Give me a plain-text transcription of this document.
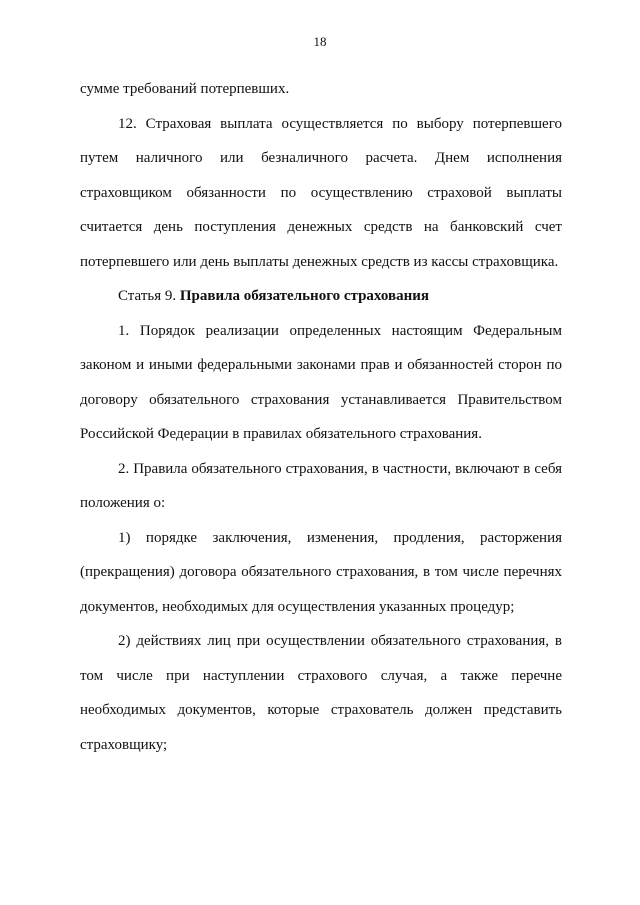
18

сумме требований потерпевших.

12. Страховая выплата осуществляется по выбору потерпевшего путем наличного или безналичного расчета. Днем исполнения страховщиком обязанности по осуществлению страховой выплаты считается день поступления денежных средств на банковский счет потерпевшего или день выплаты денежных средств из кассы страховщика.

Статья 9. Правила обязательного страхования

1. Порядок реализации определенных настоящим Федеральным законом и иными федеральными законами прав и обязанностей сторон по договору обязательного страхования устанавливается Правительством Российской Федерации в правилах обязательного страхования.

2. Правила обязательного страхования, в частности, включают в себя положения о:

1) порядке заключения, изменения, продления, расторжения (прекращения) договора обязательного страхования, в том числе перечнях документов, необходимых для осуществления указанных процедур;

2) действиях лиц при осуществлении обязательного страхования, в том числе при наступлении страхового случая, а также перечне необходимых документов, которые страхователь должен представить страховщику;
